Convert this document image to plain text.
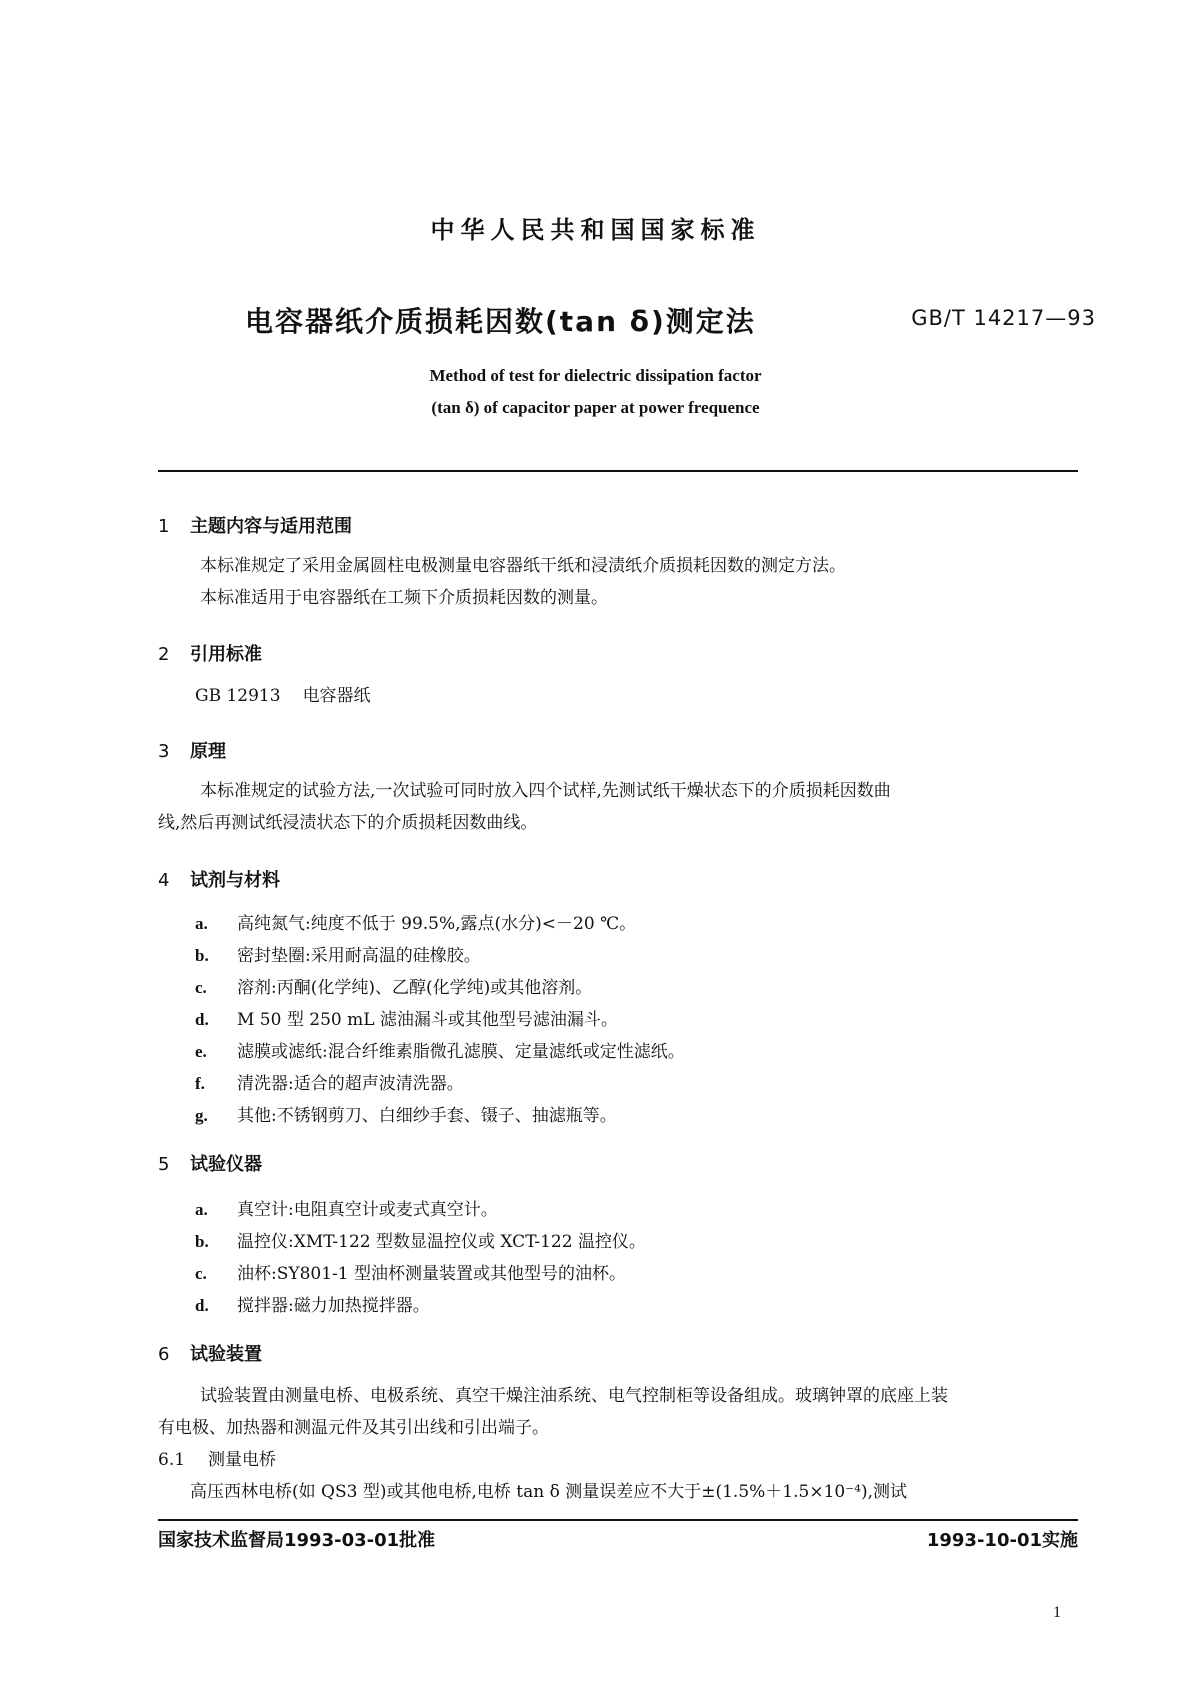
中华人民共和国国家标准
电容器纸介质损耗因数(tan δ)测定法	GB/T 14217—93
Method of test for dielectric dissipation factor
(tan δ) of capacitor paper at power frequence
1 主题内容与适用范围
本标准规定了采用金属圆柱电极测量电容器纸干纸和浸渍纸介质损耗因数的测定方法。
本标准适用于电容器纸在工频下介质损耗因数的测量。
2 引用标准
GB 12913 电容器纸
3 原理
本标准规定的试验方法,一次试验可同时放入四个试样,先测试纸干燥状态下的介质损耗因数曲
线,然后再测试纸浸渍状态下的介质损耗因数曲线。
4 试剂与材料
a. 高纯氮气:纯度不低于 99.5%,露点(水分)<－20 ℃。
b. 密封垫圈:采用耐高温的硅橡胶。
c. 溶剂:丙酮(化学纯)、乙醇(化学纯)或其他溶剂。
d. M 50 型 250 mL 滤油漏斗或其他型号滤油漏斗。
e. 滤膜或滤纸:混合纤维素脂微孔滤膜、定量滤纸或定性滤纸。
f. 清洗器:适合的超声波清洗器。
g. 其他:不锈钢剪刀、白细纱手套、镊子、抽滤瓶等。
5 试验仪器
a. 真空计:电阻真空计或麦式真空计。
b. 温控仪:XMT-122 型数显温控仪或 XCT-122 温控仪。
c. 油杯:SY801-1 型油杯测量装置或其他型号的油杯。
d. 搅拌器:磁力加热搅拌器。
6 试验装置
试验装置由测量电桥、电极系统、真空干燥注油系统、电气控制柜等设备组成。玻璃钟罩的底座上装
有电极、加热器和测温元件及其引出线和引出端子。
6.1 测量电桥
高压西林电桥(如 QS3 型)或其他电桥,电桥 tan δ 测量误差应不大于±(1.5%＋1.5×10⁻⁴),测试
国家技术监督局1993-03-01批准	1993-10-01实施
1
